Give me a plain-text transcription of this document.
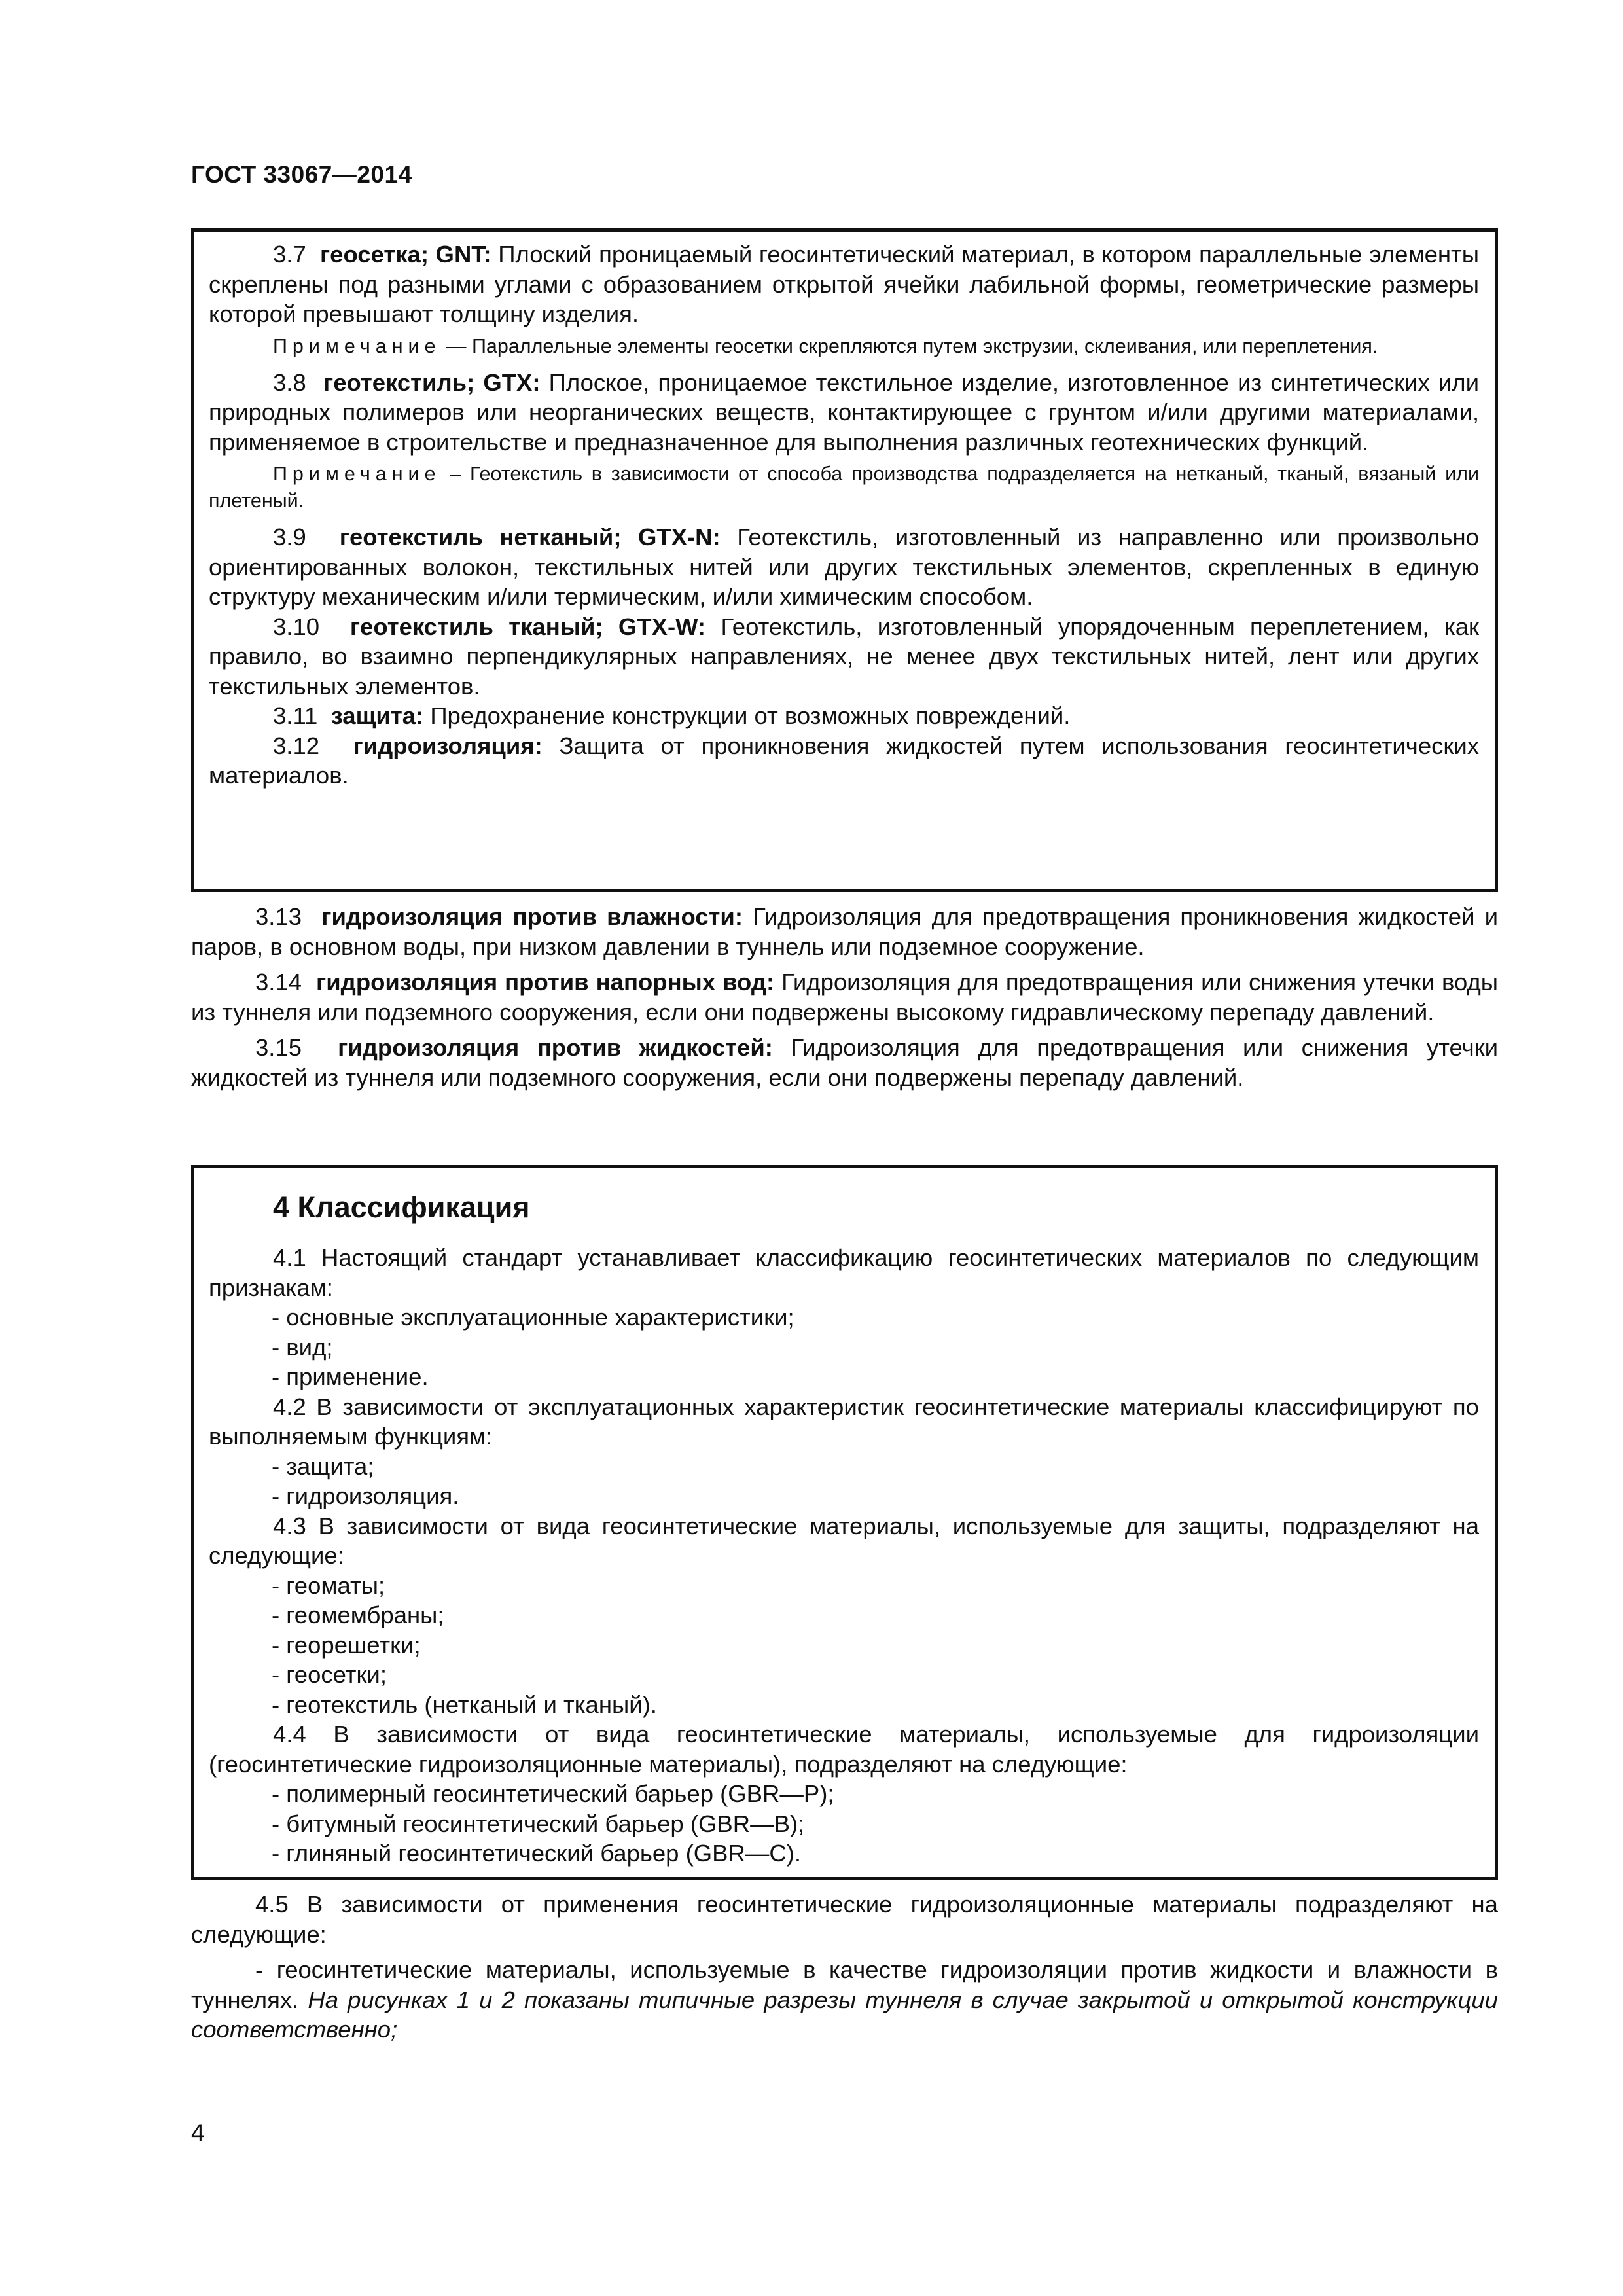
ГОСТ 33067—2014

3.7 геосетка; GNT: Плоский проницаемый геосинтетический материал, в котором параллельные элементы скреплены под разными углами с образованием открытой ячейки лабильной формы, геометрические размеры которой превышают толщину изделия.

Примечание — Параллельные элементы геосетки скрепляются путем экструзии, склеивания, или переплетения.

3.8 геотекстиль; GTX: Плоское, проницаемое текстильное изделие, изготовленное из синтетических или природных полимеров или неорганических веществ, контактирующее с грунтом и/или другими материалами, применяемое в строительстве и предназначенное для выполнения различных геотехнических функций.

Примечание – Геотекстиль в зависимости от способа производства подразделяется на нетканый, тканый, вязаный или плетеный.

3.9 геотекстиль нетканый; GTX-N: Геотекстиль, изготовленный из направленно или произвольно ориентированных волокон, текстильных нитей или других текстильных элементов, скрепленных в единую структуру механическим и/или термическим, и/или химическим способом.

3.10 геотекстиль тканый; GTX-W: Геотекстиль, изготовленный упорядоченным переплетением, как правило, во взаимно перпендикулярных направлениях, не менее двух текстильных нитей, лент или других текстильных элементов.

3.11 защита: Предохранение конструкции от возможных повреждений.

3.12 гидроизоляция: Защита от проникновения жидкостей путем использования геосинтетических материалов.

3.13 гидроизоляция против влажности: Гидроизоляция для предотвращения проникновения жидкостей и паров, в основном воды, при низком давлении в туннель или подземное сооружение.

3.14 гидроизоляция против напорных вод: Гидроизоляция для предотвращения или снижения утечки воды из туннеля или подземного сооружения, если они подвержены высокому гидравлическому перепаду давлений.

3.15 гидроизоляция против жидкостей: Гидроизоляция для предотвращения или снижения утечки жидкостей из туннеля или подземного сооружения, если они подвержены перепаду давлений.

4 Классификация

4.1 Настоящий стандарт устанавливает классификацию геосинтетических материалов по следующим признакам:

- основные эксплуатационные характеристики;

- вид;

- применение.

4.2 В зависимости от эксплуатационных характеристик геосинтетические материалы классифицируют по выполняемым функциям:

- защита;

- гидроизоляция.

4.3 В зависимости от вида геосинтетические материалы, используемые для защиты, подразделяют на следующие:

- геоматы;

- геомембраны;

- георешетки;

- геосетки;

- геотекстиль (нетканый и тканый).

4.4 В зависимости от вида геосинтетические материалы, используемые для гидроизоляции (геосинтетические гидроизоляционные материалы), подразделяют на следующие:

- полимерный геосинтетический барьер (GBR—P);

- битумный геосинтетический барьер (GBR—B);

- глиняный геосинтетический барьер (GBR—C).

4.5 В зависимости от применения геосинтетические гидроизоляционные материалы подразделяют на следующие:

- геосинтетические материалы, используемые в качестве гидроизоляции против жидкости и влажности в туннелях. На рисунках 1 и 2 показаны типичные разрезы туннеля в случае закрытой и открытой конструкции соответственно;

4
